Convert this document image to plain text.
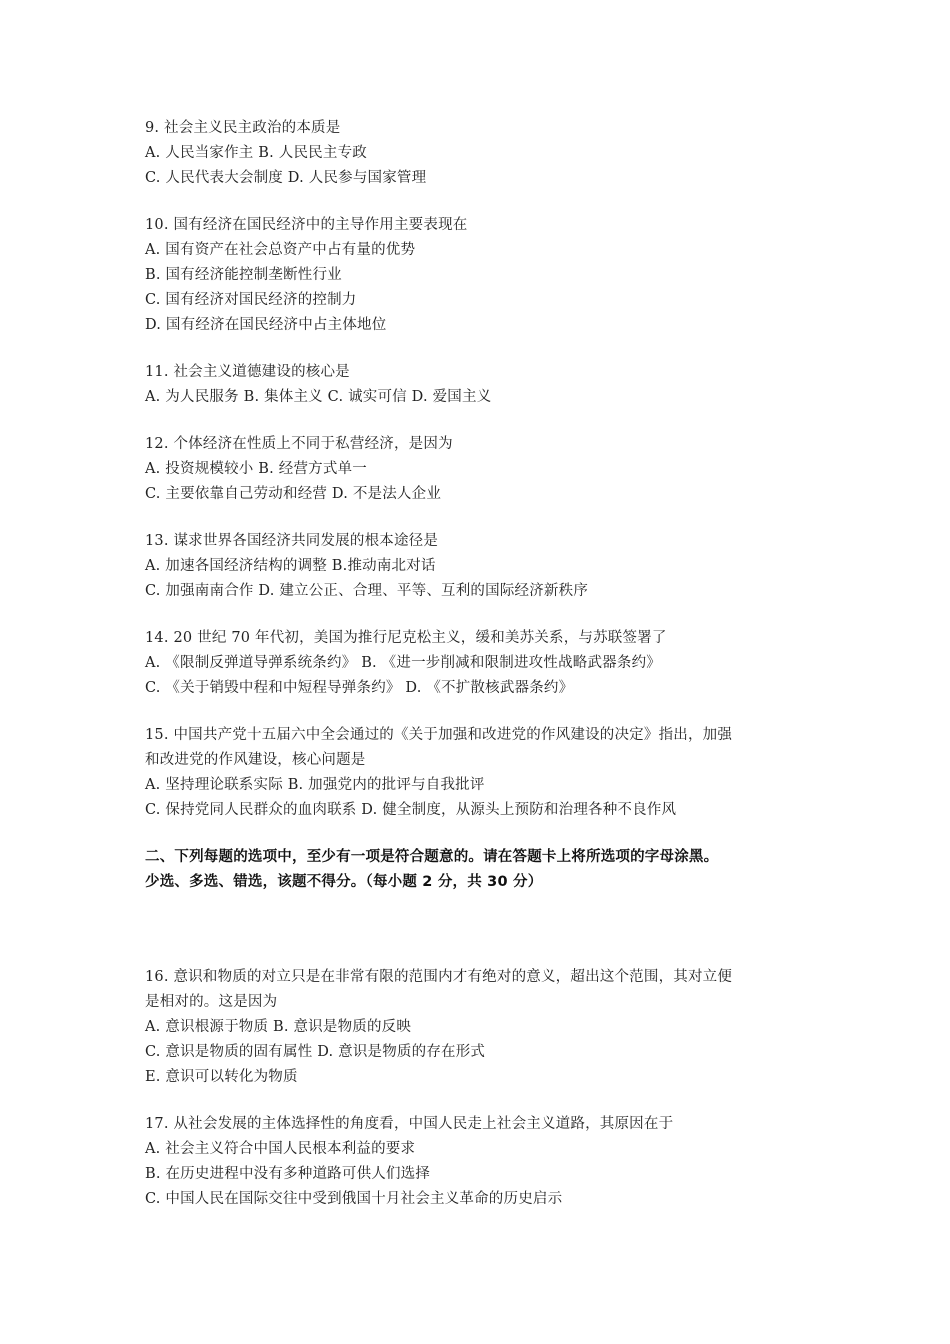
9. 社会主义民主政治的本质是
A. 人民当家作主 B. 人民民主专政
C. 人民代表大会制度 D. 人民参与国家管理
10. 国有经济在国民经济中的主导作用主要表现在
A. 国有资产在社会总资产中占有量的优势
B. 国有经济能控制垄断性行业
C. 国有经济对国民经济的控制力
D. 国有经济在国民经济中占主体地位
11. 社会主义道德建设的核心是
A. 为人民服务 B. 集体主义 C. 诚实可信 D. 爱国主义
12. 个体经济在性质上不同于私营经济，是因为
A. 投资规模较小 B. 经营方式单一
C. 主要依靠自己劳动和经营 D. 不是法人企业
13. 谋求世界各国经济共同发展的根本途径是
A. 加速各国经济结构的调整 B.推动南北对话
C. 加强南南合作 D. 建立公正、合理、平等、互利的国际经济新秩序
14. 20 世纪 70 年代初，美国为推行尼克松主义，缓和美苏关系，与苏联签署了
A. 《限制反弹道导弹系统条约》 B. 《进一步削减和限制进攻性战略武器条约》
C. 《关于销毁中程和中短程导弹条约》 D. 《不扩散核武器条约》
15. 中国共产党十五届六中全会通过的《关于加强和改进党的作风建设的决定》指出，加强
和改进党的作风建设，核心问题是
A. 坚持理论联系实际 B. 加强党内的批评与自我批评
C. 保持党同人民群众的血肉联系 D. 健全制度，从源头上预防和治理各种不良作风
二、下列每题的选项中，至少有一项是符合题意的。请在答题卡上将所选项的字母涂黑。
少选、多选、错选，该题不得分。（每小题 2 分，共 30 分）
16. 意识和物质的对立只是在非常有限的范围内才有绝对的意义，超出这个范围，其对立便
是相对的。这是因为
A. 意识根源于物质 B. 意识是物质的反映
C. 意识是物质的固有属性 D. 意识是物质的存在形式
E. 意识可以转化为物质
17. 从社会发展的主体选择性的角度看，中国人民走上社会主义道路，其原因在于
A. 社会主义符合中国人民根本利益的要求
B. 在历史进程中没有多种道路可供人们选择
C. 中国人民在国际交往中受到俄国十月社会主义革命的历史启示
